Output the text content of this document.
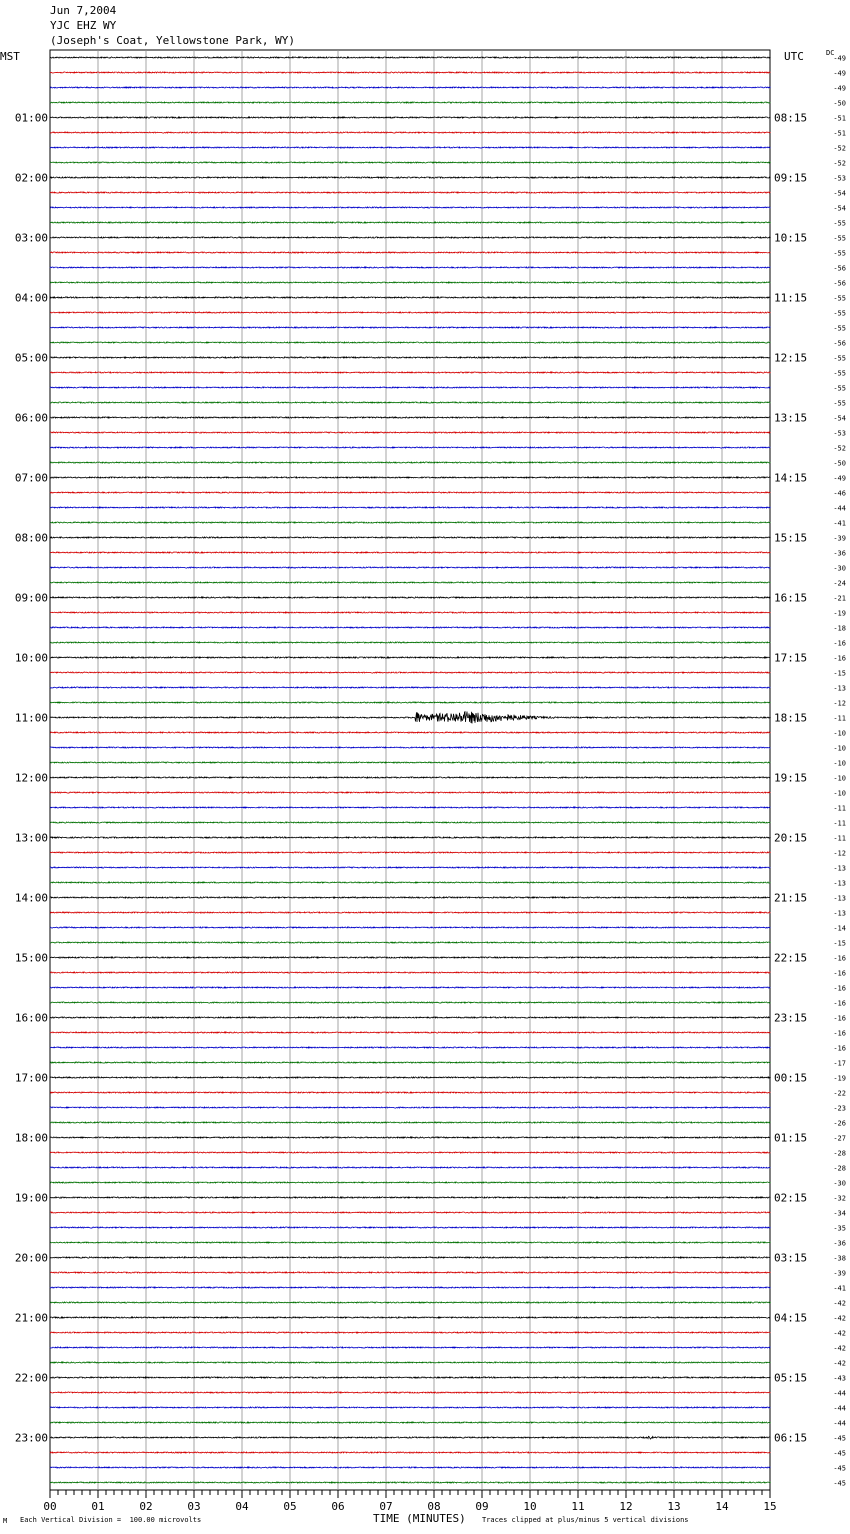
Jun 7,2004
YJC EHZ WY
(Joseph's Coat, Yellowstone Park, WY)
MST	UTC	DC
00	01	02	03	04	05	06	07	08	09	10	11	12	13	14	15
01:00
02:00
03:00
04:00
05:00
06:00
07:00
08:00
09:00
10:00
11:00
12:00
13:00
14:00
15:00
16:00
17:00
18:00
19:00
20:00
21:00
22:00
23:00
08:15
09:15
10:15
11:15
12:15
13:15
14:15
15:15
16:15
17:15
18:15
19:15
20:15
21:15
22:15
23:15
00:15
01:15
02:15
03:15
04:15
05:15
06:15
-49
-49
-49
-50
-51
-51
-52
-52
-53
-54
-54
-55
-55
-55
-56
-56
-55
-55
-55
-56
-55
-55
-55
-55
-54
-53
-52
-50
-49
-46
-44
-41
-39
-36
-30
-24
-21
-19
-18
-16
-16
-15
-13
-12
-11
-10
-10
-10
-10
-10
-11
-11
-11
-12
-13
-13
-13
-13
-14
-15
-16
-16
-16
-16
-16
-16
-16
-17
-19
-22
-23
-26
-27
-28
-28
-30
-32
-34
-35
-36
-38
-39
-41
-42
-42
-42
-42
-42
-43
-44
-44
-44
-45
-45
-45
-45
M Each Vertical Division =  100.00 microvolts	TIME (MINUTES) Traces clipped at plus/minus 5 vertical divisions
